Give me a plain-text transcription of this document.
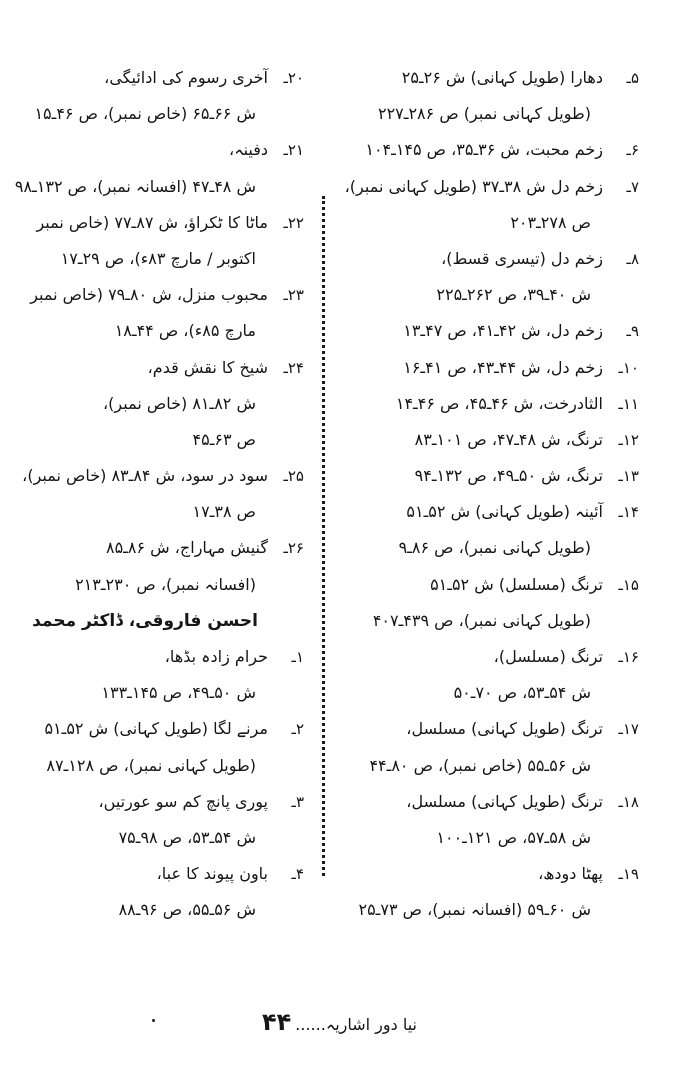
۵ـ
دھارا (طویل کہانی) ش ۲۶ـ۲۵
(طویل کہانی نمبر) ص ۲۸۶ـ۲۲۷
۶ـ
زخم محبت، ش ۳۶ـ۳۵، ص ۱۴۵ـ۱۰۴
۷ـ
زخم دل ش ۳۸ـ۳۷ (طویل کہانی نمبر)،
ص ۲۷۸ـ۲۰۳
۸ـ
زخم دل (تیسری قسط)،
ش ۴۰ـ۳۹، ص ۲۶۲ـ۲۲۵
۹ـ
زخم دل، ش ۴۲ـ۴۱، ص ۴۷ـ۱۳
۱۰ـ
زخم دل، ش ۴۴ـ۴۳، ص ۴۱ـ۱۶
۱۱ـ
الثادرخت، ش ۴۶ـ۴۵، ص ۴۶ـ۱۴
۱۲ـ
ترنگ، ش ۴۸ـ۴۷، ص ۱۰۱ـ۸۳
۱۳ـ
ترنگ، ش ۵۰ـ۴۹، ص ۱۳۲ـ۹۴
۱۴ـ
آئینہ (طویل کہانی) ش ۵۲ـ۵۱
(طویل کہانی نمبر)، ص ۸۶ـ۹
۱۵ـ
ترنگ (مسلسل) ش ۵۲ـ۵۱
(طویل کہانی نمبر)، ص ۴۳۹ـ۴۰۷
۱۶ـ
ترنگ (مسلسل)،
ش ۵۴ـ۵۳، ص ۷۰ـ۵۰
۱۷ـ
ترنگ (طویل کہانی) مسلسل،
ش ۵۶ـ۵۵ (خاص نمبر)، ص ۸۰ـ۴۴
۱۸ـ
ترنگ (طویل کہانی) مسلسل،
ش ۵۸ـ۵۷، ص ۱۲۱ـ۱۰۰
۱۹ـ
پھٹا دودھ،
ش ۶۰ـ۵۹ (افسانہ نمبر)، ص ۷۳ـ۲۵
۲۰ـ
آخری رسوم کی ادائیگی،
ش ۶۶ـ۶۵ (خاص نمبر)، ص ۴۶ـ۱۵
۲۱ـ
دفینہ،
ش ۴۸ـ۴۷ (افسانہ نمبر)، ص ۱۳۲ـ۹۸
۲۲ـ
ماٹا کا ٹکراؤ، ش ۸۷ـ۷۷ (خاص نمبر
اکتوبر / مارچ ۸۳ء)، ص ۲۹ـ۱۷
۲۳ـ
محبوب منزل، ش ۸۰ـ۷۹ (خاص نمبر
مارچ ۸۵ء)، ص ۴۴ـ۱۸
۲۴ـ
شیخ کا نقش قدم،
ش ۸۲ـ۸۱ (خاص نمبر)،
ص ۶۳ـ۴۵
۲۵ـ
سود در سود، ش ۸۴ـ۸۳ (خاص نمبر)،
ص ۳۸ـ۱۷
۲۶ـ
گنیش مہاراج، ش ۸۶ـ۸۵
(افسانہ نمبر)، ص ۲۳۰ـ۲۱۳
احسن فاروقی، ڈاکٹر محمد
۱ـ
حرام زادہ بڈھا،
ش ۵۰ـ۴۹، ص ۱۴۵ـ۱۳۳
۲ـ
مرنے لگا (طویل کہانی) ش ۵۲ـ۵۱
(طویل کہانی نمبر)، ص ۱۲۸ـ۸۷
۳ـ
پوری پانچ کم سو عورتیں،
ش ۵۴ـ۵۳، ص ۹۸ـ۷۵
۴ـ
باون پیوند کا عبا،
ش ۵۶ـ۵۵، ص ۹۶ـ۸۸
نیا دور اشاریہ......۴۴
